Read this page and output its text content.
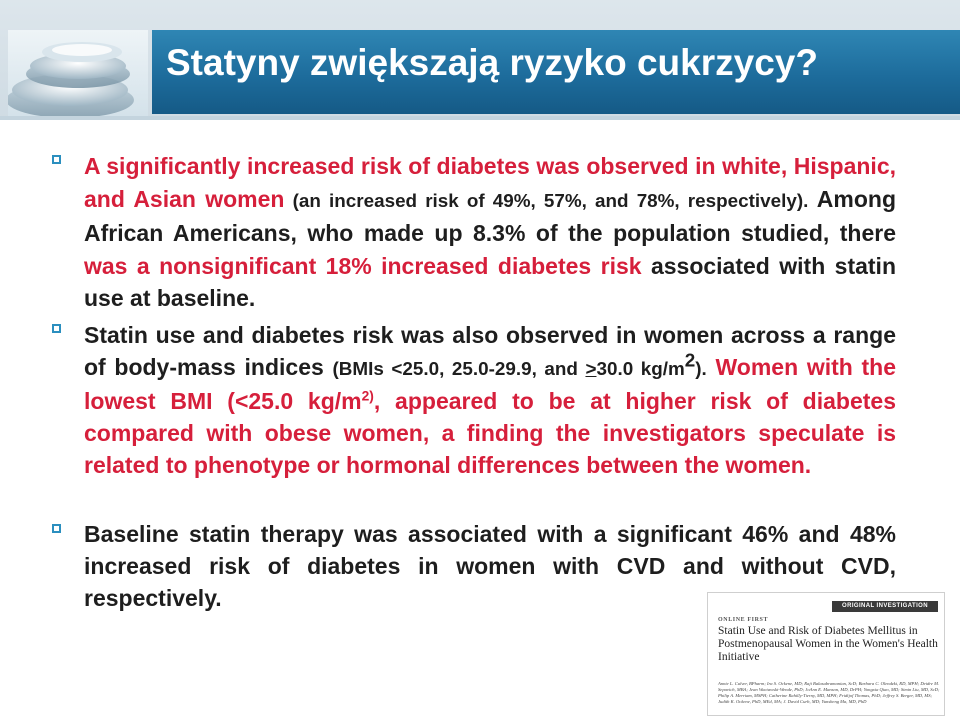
Statyny zwiększają ryzyko cukrzycy?

A significantly increased risk of diabetes was observed in white, Hispanic, and Asian women (an increased risk of 49%, 57%, and 78%, respectively). Among African Americans, who made up 8.3% of the population studied, there was a nonsignificant 18% increased diabetes risk associated with statin use at baseline.

Statin use and diabetes risk was also observed in women across a range of body-mass indices (BMIs <25.0, 25.0-29.9, and >30.0 $kg/m^2$). Women with the lowest BMI (<25.0 $kg/m^{2)}$, appeared to be at higher risk of diabetes compared with obese women, a finding the investigators speculate is related to phenotype or hormonal differences between the women.

Baseline statin therapy was associated with a significant 46% and 48% increased risk of diabetes in women with CVD and without CVD, respectively.	ORIGINAL INVESTIGATION
ONLINE FIRST
Statin Use and Risk of Diabetes Mellitus in Postmenopausal Women in the Women's Health Initiative
Annie L. Culver, BPharm; Ira S. Ockene, MD; Raji Balasubramanian, ScD; Barbara C. Olendzki, RD, MPH; Deidre M. Sepavich, MBA; Jean Wactawski-Wende, PhD; JoAnn E. Manson, MD, DrPH; Yongxia Qiao, MD; Simin Liu, MD, ScD; Philip A. Merriam, MSPH; Catherine Rahilly-Tierny, MD, MPH; Fridtjof Thomas, PhD; Jeffrey S. Berger, MD, MS; Judith K. Ockene, PhD, MEd, MA; J. David Curb, MD; Yunsheng Ma, MD, PhD
